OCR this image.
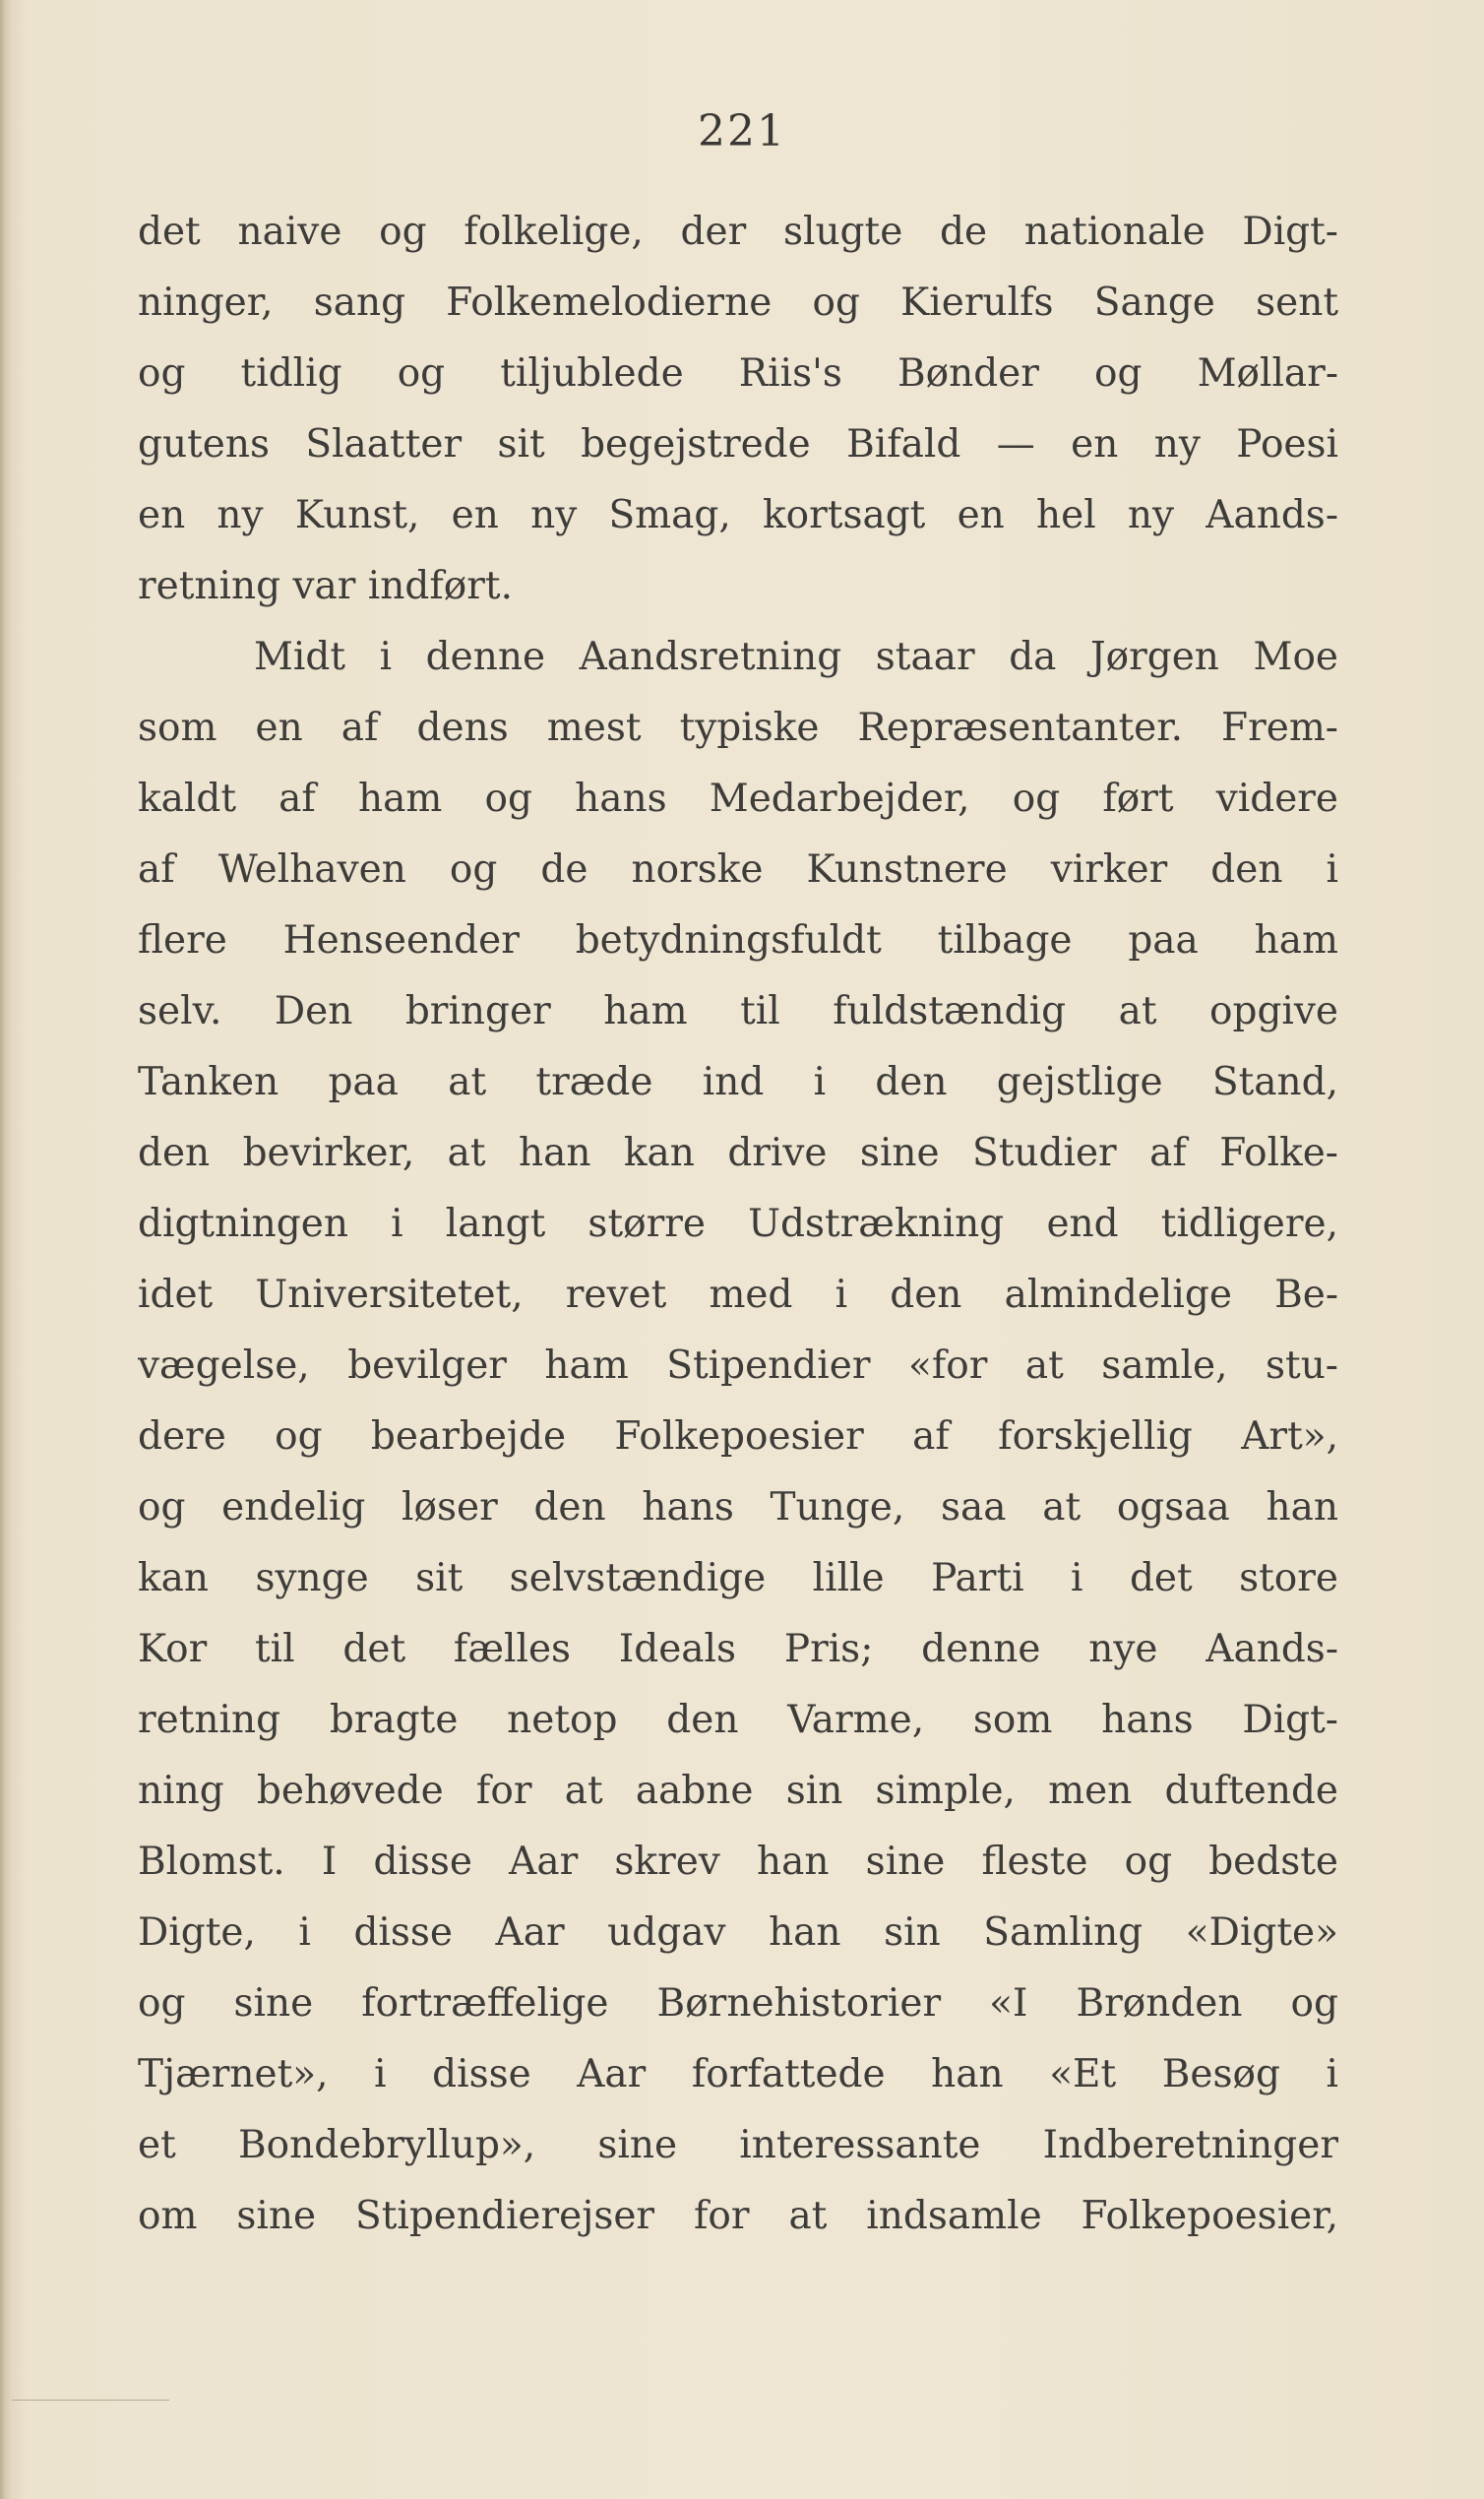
221
det naive og folkelige, der slugte de nationale Digt-
ninger, sang Folkemelodierne og Kierulfs Sange sent
og tidlig og tiljublede Riis's Bønder og Møllar-
gutens Slaatter sit begejstrede Bifald — en ny Poesi
en ny Kunst, en ny Smag, kortsagt en hel ny Aands-
retning var indført.
Midt i denne Aandsretning staar da Jørgen Moe
som en af dens mest typiske Repræsentanter. Frem-
kaldt af ham og hans Medarbejder, og ført videre
af Welhaven og de norske Kunstnere virker den i
flere Henseender betydningsfuldt tilbage paa ham
selv. Den bringer ham til fuldstændig at opgive
Tanken paa at træde ind i den gejstlige Stand,
den bevirker, at han kan drive sine Studier af Folke-
digtningen i langt større Udstrækning end tidligere,
idet Universitetet, revet med i den almindelige Be-
vægelse, bevilger ham Stipendier «for at samle, stu-
dere og bearbejde Folkepoesier af forskjellig Art»,
og endelig løser den hans Tunge, saa at ogsaa han
kan synge sit selvstændige lille Parti i det store
Kor til det fælles Ideals Pris; denne nye Aands-
retning bragte netop den Varme, som hans Digt-
ning behøvede for at aabne sin simple, men duftende
Blomst. I disse Aar skrev han sine fleste og bedste
Digte, i disse Aar udgav han sin Samling «Digte»
og sine fortræffelige Børnehistorier «I Brønden og
Tjærnet», i disse Aar forfattede han «Et Besøg i
et Bondebryllup», sine interessante Indberetninger
om sine Stipendierejser for at indsamle Folkepoesier,
